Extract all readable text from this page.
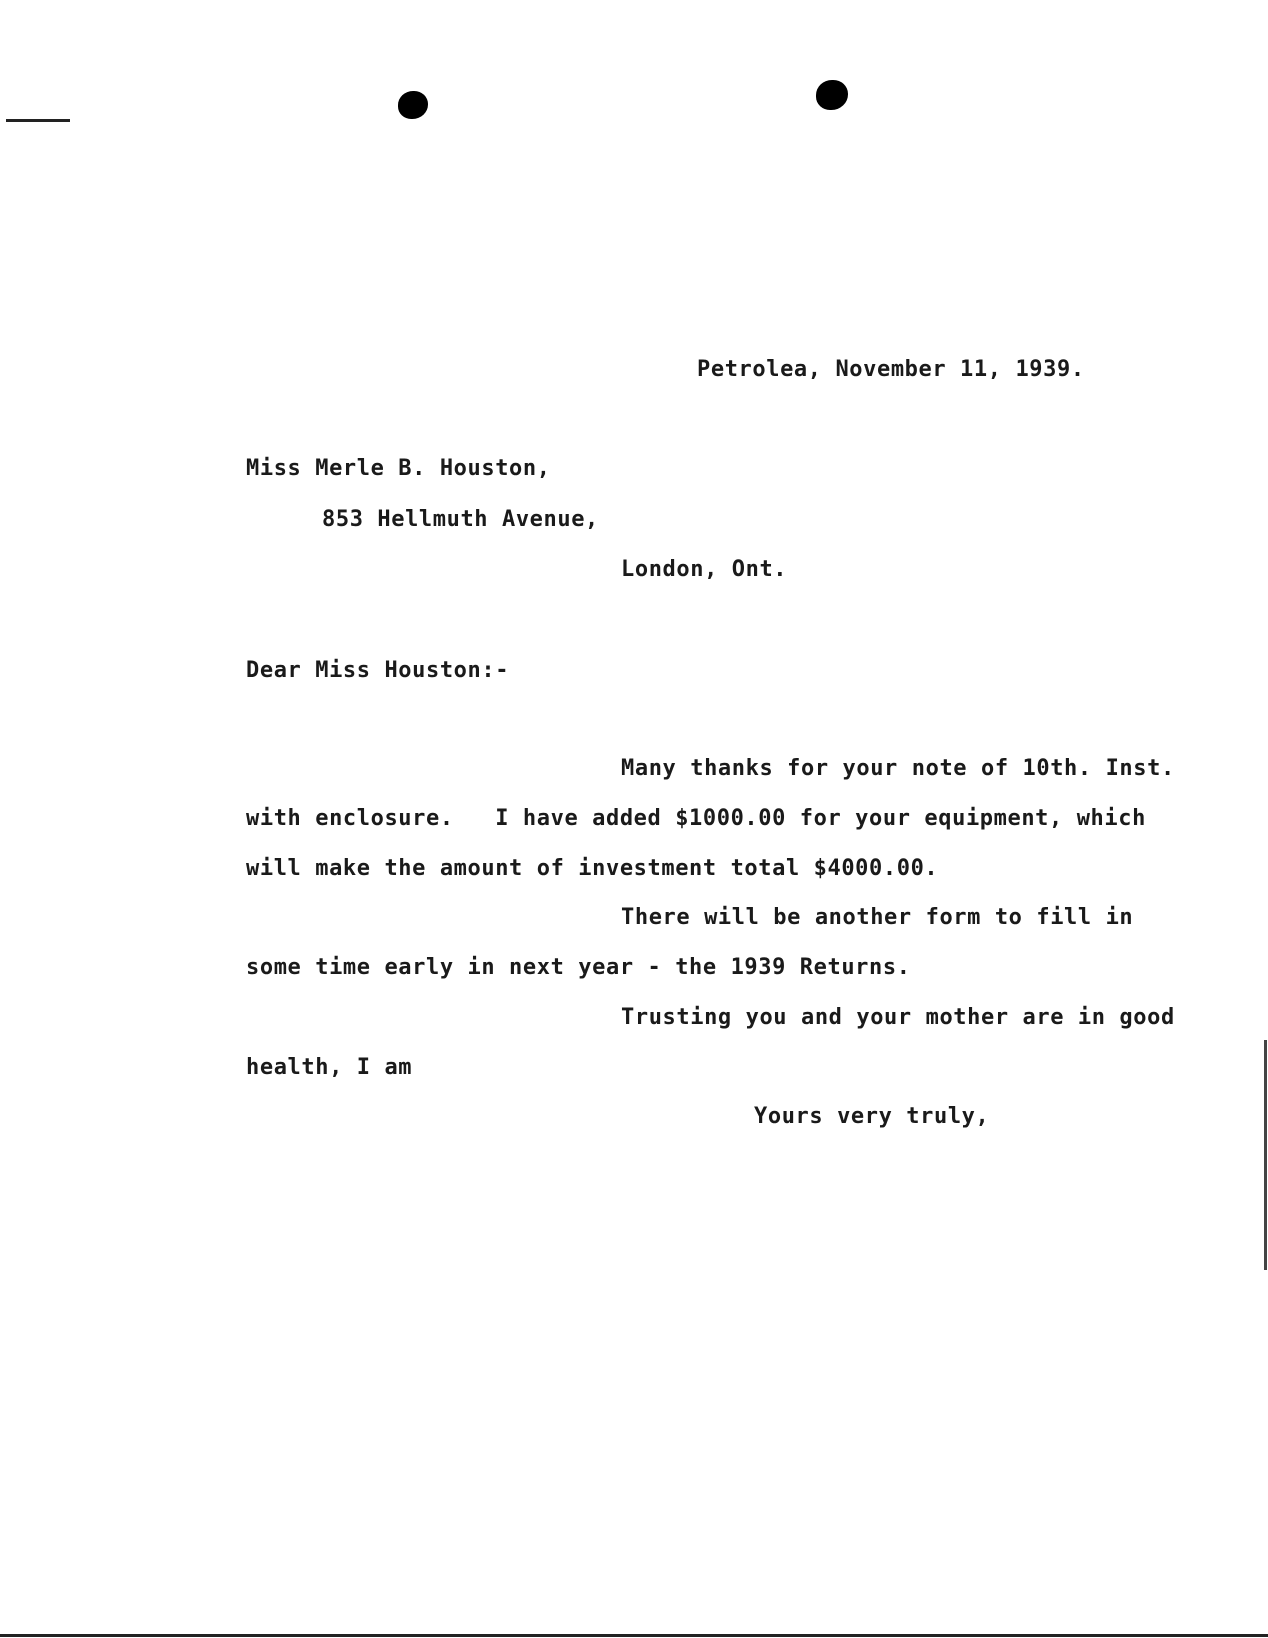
Petrolea, November 11, 1939.
Miss Merle B. Houston,
853 Hellmuth Avenue,
London, Ont.
Dear Miss Houston:-
Many thanks for your note of 10th. Inst.
with enclosure.   I have added $1000.00 for your equipment, which
will make the amount of investment total $4000.00.
There will be another form to fill in
some time early in next year - the 1939 Returns.
Trusting you and your mother are in good
health, I am
Yours very truly,
